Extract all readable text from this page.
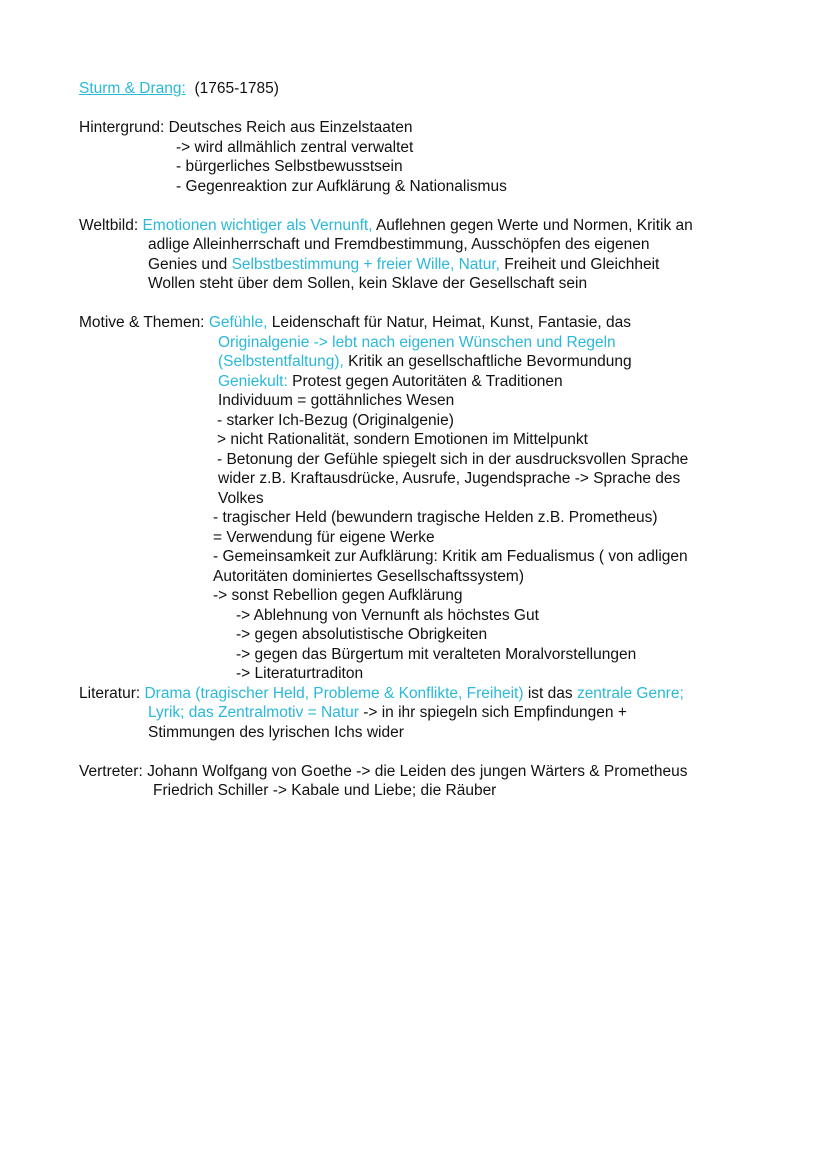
Sturm & Drang: (1765-1785)
Hintergrund: Deutsches Reich aus Einzelstaaten
-> wird allmählich zentral verwaltet
- bürgerliches Selbstbewusstsein
- Gegenreaktion zur Aufklärung & Nationalismus
Weltbild: Emotionen wichtiger als Vernunft, Auflehnen gegen Werte und Normen, Kritik an
adlige Alleinherrschaft und Fremdbestimmung, Ausschöpfen des eigenen
Genies und Selbstbestimmung + freier Wille, Natur, Freiheit und Gleichheit
Wollen steht über dem Sollen, kein Sklave der Gesellschaft sein
Motive & Themen: Gefühle, Leidenschaft für Natur, Heimat, Kunst, Fantasie, das
Originalgenie -> lebt nach eigenen Wünschen und Regeln
(Selbstentfaltung), Kritik an gesellschaftliche Bevormundung
Geniekult: Protest gegen Autoritäten & Traditionen
Individuum = gottähnliches Wesen
- starker Ich-Bezug (Originalgenie)
> nicht Rationalität, sondern Emotionen im Mittelpunkt
- Betonung der Gefühle spiegelt sich in der ausdrucksvollen Sprache
wider z.B. Kraftausdrücke, Ausrufe, Jugendsprache -> Sprache des
Volkes
- tragischer Held (bewundern tragische Helden z.B. Prometheus)
= Verwendung für eigene Werke
- Gemeinsamkeit zur Aufklärung: Kritik am Fedualismus ( von adligen
Autoritäten dominiertes Gesellschaftssystem)
-> sonst Rebellion gegen Aufklärung
-> Ablehnung von Vernunft als höchstes Gut
-> gegen absolutistische Obrigkeiten
-> gegen das Bürgertum mit veralteten Moralvorstellungen
-> Literaturtraditon
Literatur: Drama (tragischer Held, Probleme & Konflikte, Freiheit) ist das zentrale Genre;
Lyrik; das Zentralmotiv = Natur -> in ihr spiegeln sich Empfindungen +
Stimmungen des lyrischen Ichs wider
Vertreter: Johann Wolfgang von Goethe -> die Leiden des jungen Wärters & Prometheus
Friedrich Schiller -> Kabale und Liebe; die Räuber
